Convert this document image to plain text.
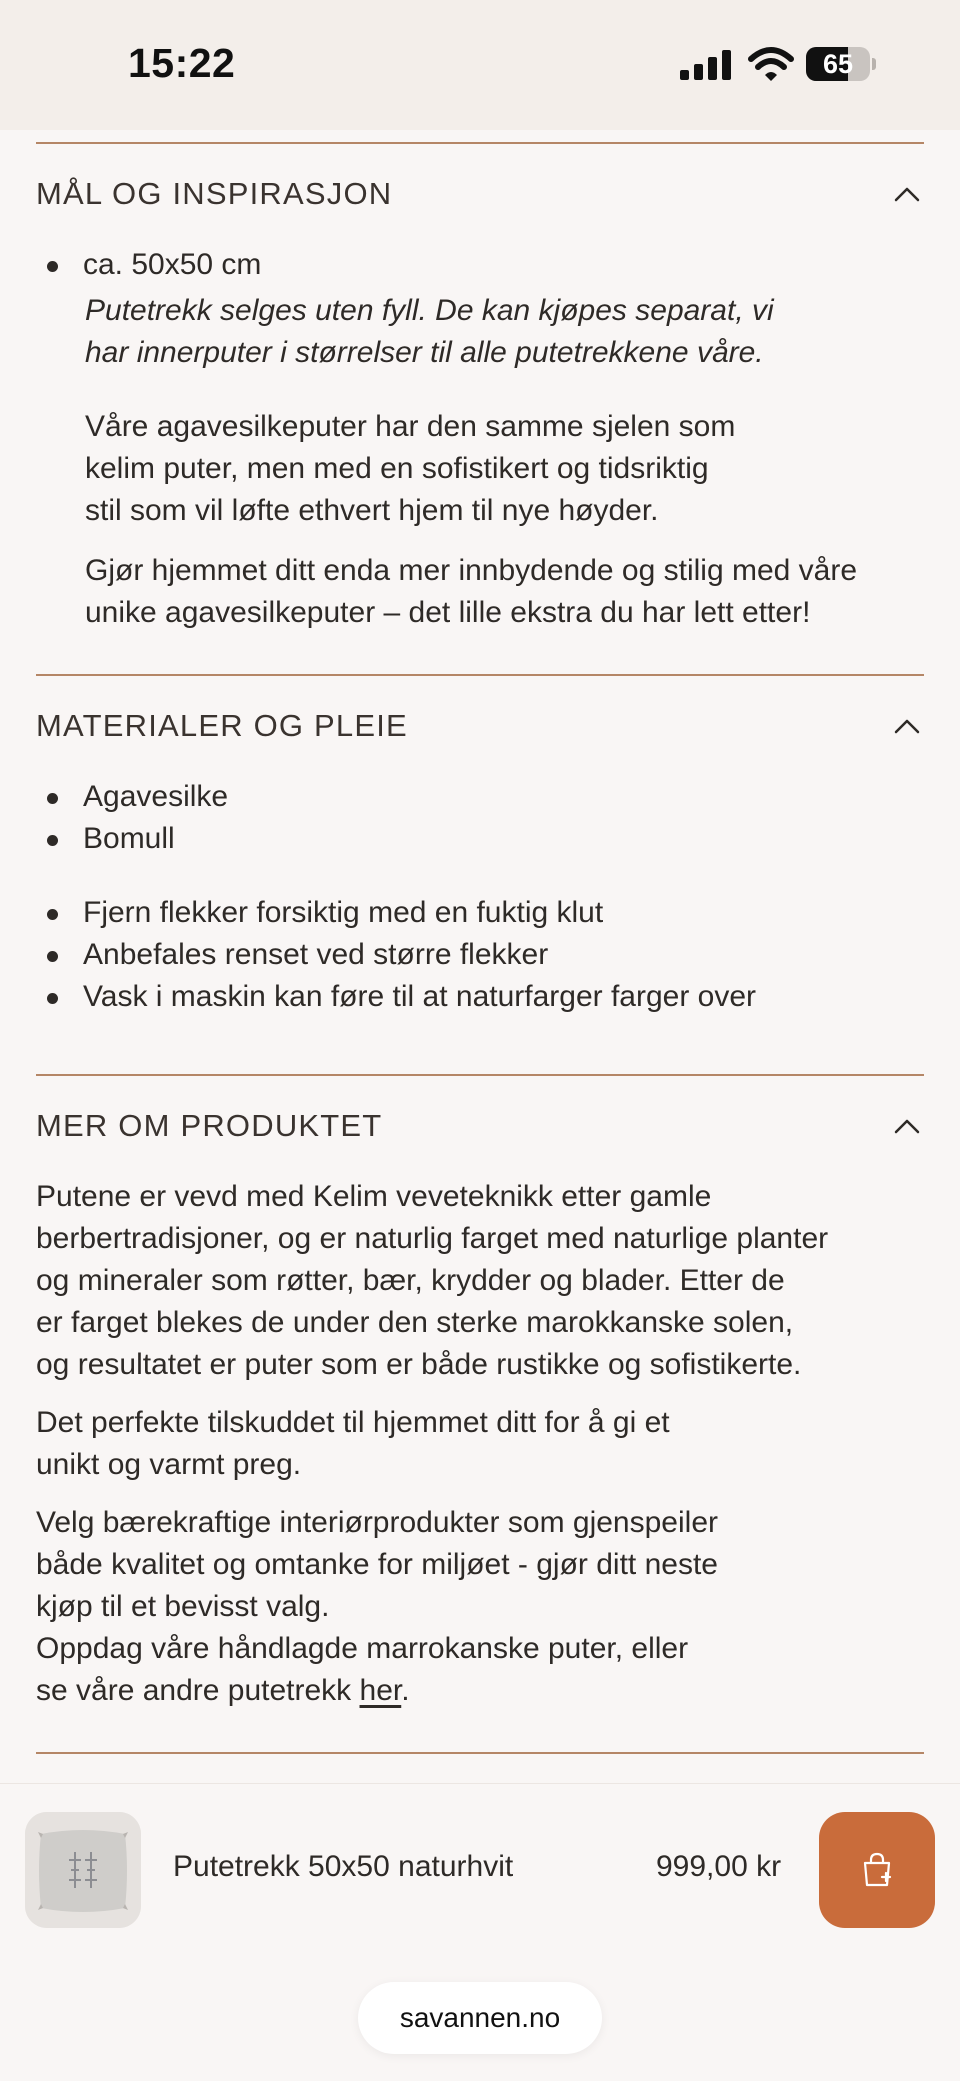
15:22	65
MÅL OG INSPIRASJON
ca. 50x50 cm

Putetrekk selges uten fyll. De kan kjøpes separat, vi
har innerputer i størrelser til alle putetrekkene våre.

Våre agavesilkeputer har den samme sjelen som
kelim puter, men med en sofistikert og tidsriktig
stil som vil løfte ethvert hjem til nye høyder.

Gjør hjemmet ditt enda mer innbydende og stilig med våre
unike agavesilkeputer – det lille ekstra du har lett etter!

MATERIALER OG PLEIE
Agavesilke
Bomull
Fjern flekker forsiktig med en fuktig klut
Anbefales renset ved større flekker
Vask i maskin kan føre til at naturfarger farger over
MER OM PRODUKTET

Putene er vevd med Kelim veveteknikk etter gamle
berbertradisjoner, og er naturlig farget med naturlige planter
og mineraler som røtter, bær, krydder og blader. Etter de
er farget blekes de under den sterke marokkanske solen,
og resultatet er puter som er både rustikke og sofistikerte.

Det perfekte tilskuddet til hjemmet ditt for å gi et
unikt og varmt preg.

Velg bærekraftige interiørprodukter som gjenspeiler
både kvalitet og omtanke for miljøet - gjør ditt neste
kjøp til et bevisst valg.
Oppdag våre håndlagde marrokanske puter, eller
se våre andre putetrekk her.

Putetrekk 50x50 naturhvit	999,00 kr
savannen.no
